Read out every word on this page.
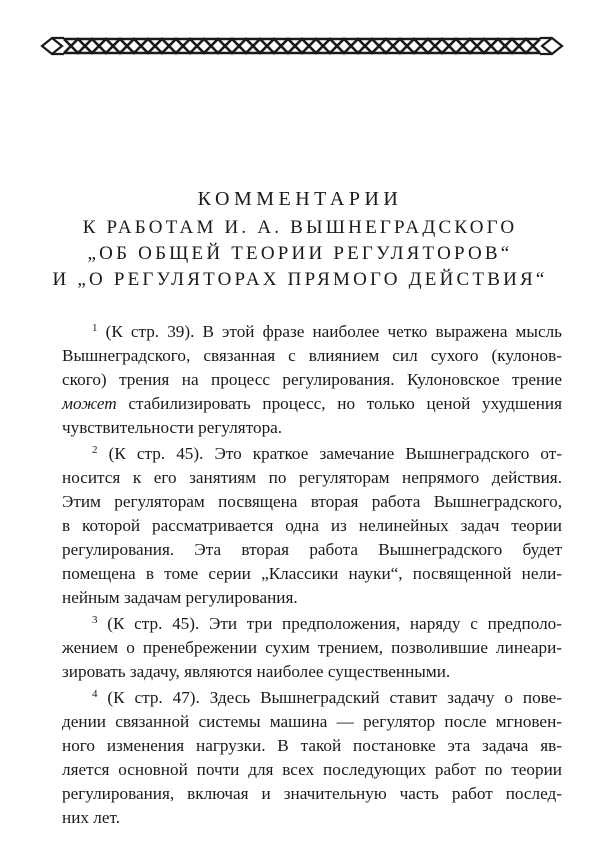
КОММЕНТАРИИ
К РАБОТАМ И. А. ВЫШНЕГРАДСКОГО
„ОБ ОБЩЕЙ ТЕОРИИ РЕГУЛЯТОРОВ“
И „О РЕГУЛЯТОРАХ ПРЯМОГО ДЕЙСТВИЯ“
$^1$ (К стр. 39). В этой фразе наиболее четко выражена мысль
Вышнеградского, связанная с влиянием сил сухого (кулонов-
ского) трения на процесс регулирования. Кулоновское трение
может стабилизировать процесс, но только ценой ухудшения
чувствительности регулятора.
$^2$ (К стр. 45). Это краткое замечание Вышнеградского от-
носится к его занятиям по регуляторам непрямого действия.
Этим регуляторам посвящена вторая работа Вышнеградского,
в которой рассматривается одна из нелинейных задач теории
регулирования. Эта вторая работа Вышнеградского будет
помещена в томе серии „Классики науки“, посвященной нели-
нейным задачам регулирования.
$^3$ (К стр. 45). Эти три предположения, наряду с предполо-
жением о пренебрежении сухим трением, позволившие линеари-
зировать задачу, являются наиболее существенными.
$^4$ (К стр. 47). Здесь Вышнеградский ставит задачу о пове-
дении связанной системы машина — регулятор после мгновен-
ного изменения нагрузки. В такой постановке эта задача яв-
ляется основной почти для всех последующих работ по теории
регулирования, включая и значительную часть работ послед-
них лет.
